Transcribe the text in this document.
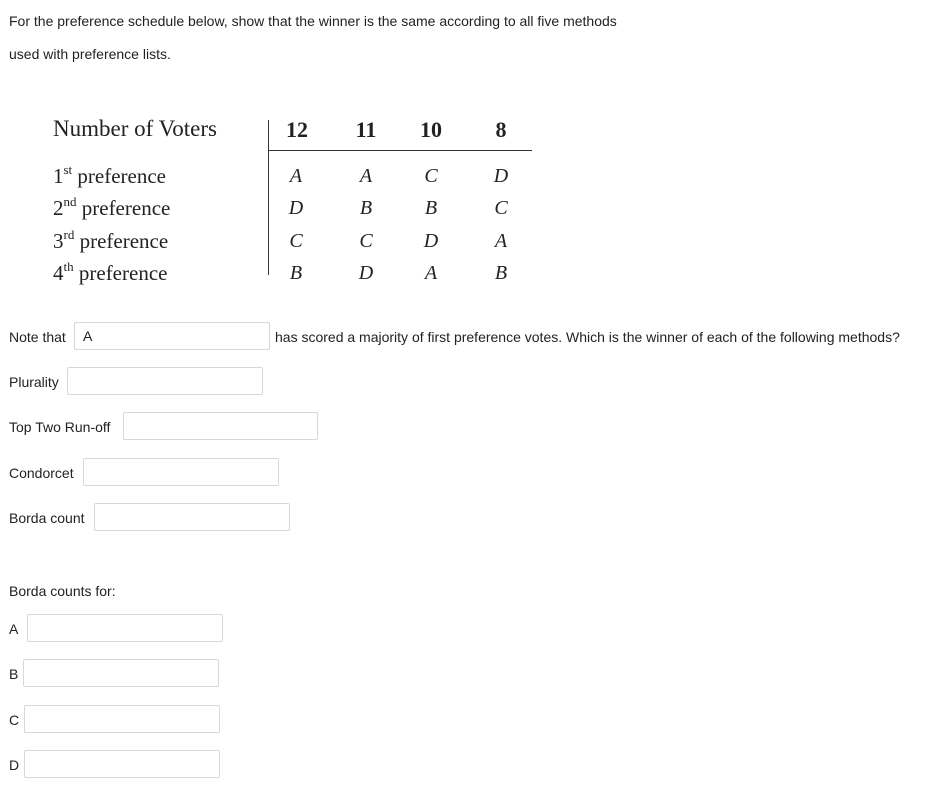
For the preference schedule below, show that the winner is the same according to all five methods
used with preference lists.
Number of Voters	12	11	10	8
1st preference	A	A	C	D
2nd preference	D	B	B	C
3rd preference	C	C	D	A
4th preference	B	D	A	B
Note that
A	has scored a majority of first preference votes. Which is the winner of each of the following methods?
Plurality
Top Two Run-off
Condorcet
Borda count
Borda counts for:
A
B
C
D
